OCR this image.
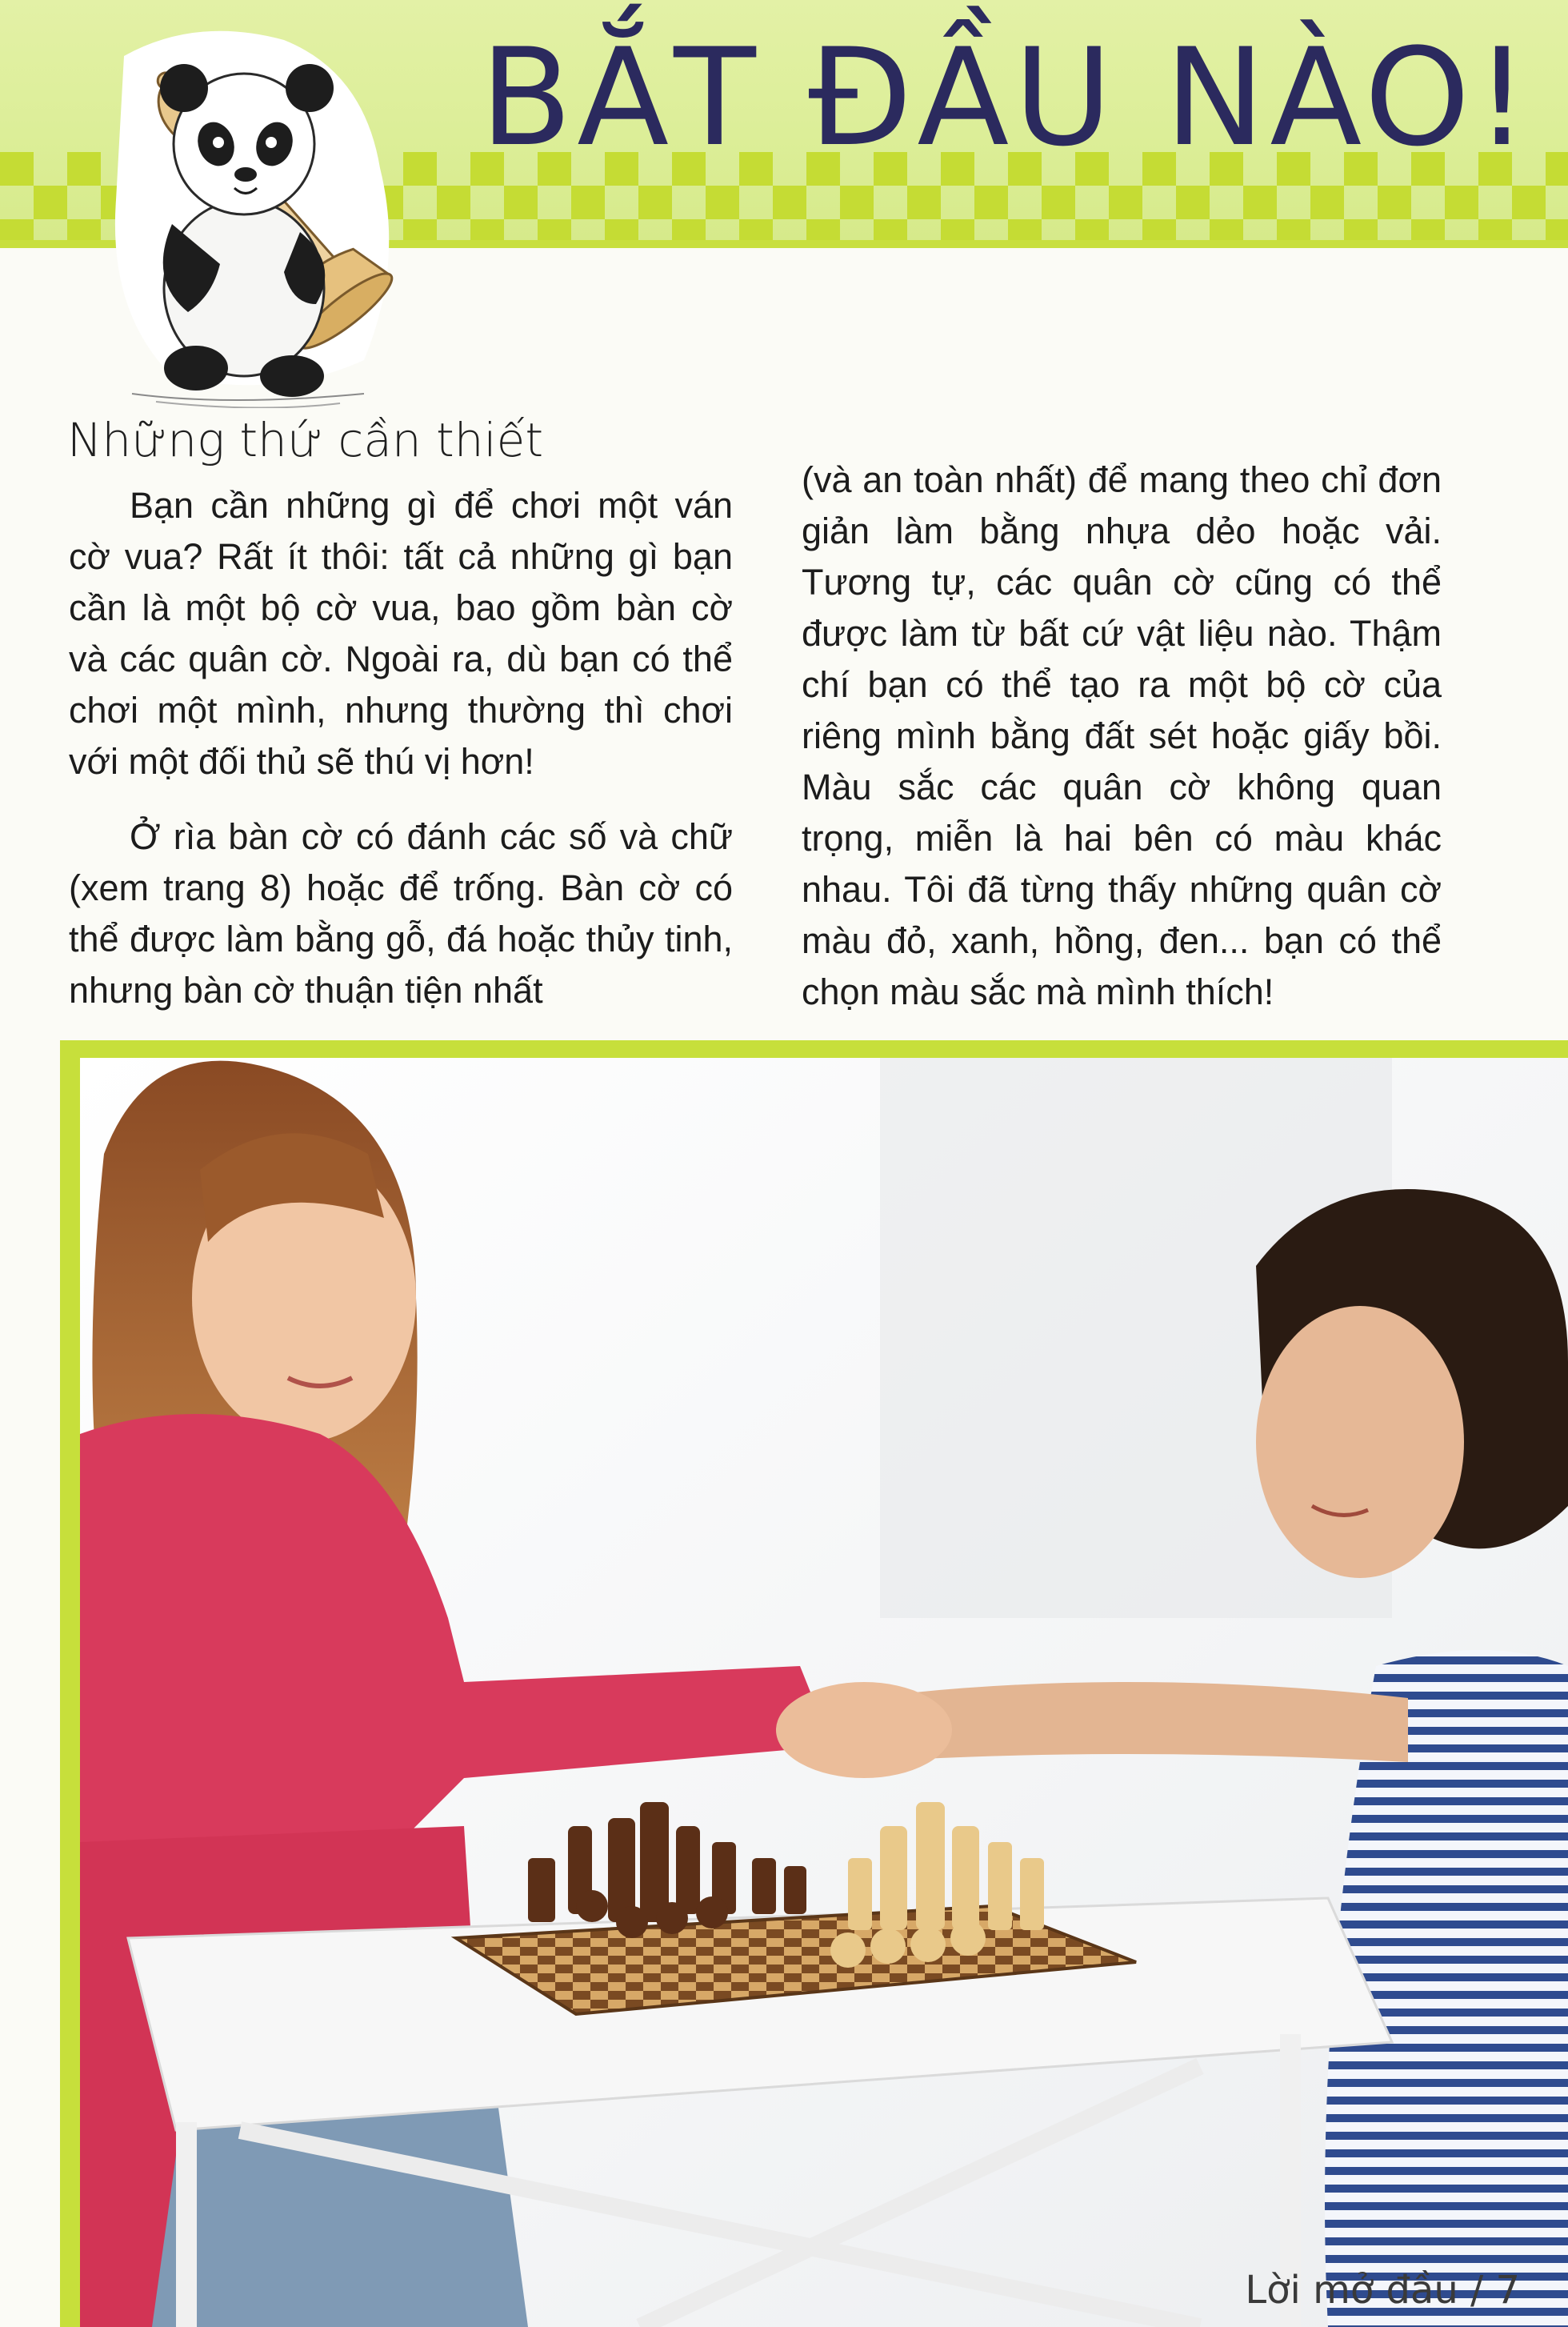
BẮT ĐẦU NÀO!
Những thứ cần thiết

Bạn cần những gì để chơi một ván cờ vua? Rất ít thôi: tất cả những gì bạn cần là một bộ cờ vua, bao gồm bàn cờ và các quân cờ. Ngoài ra, dù bạn có thể chơi một mình, nhưng thường thì chơi với một đối thủ sẽ thú vị hơn!

Ở rìa bàn cờ có đánh các số và chữ (xem trang 8) hoặc để trống. Bàn cờ có thể được làm bằng gỗ, đá hoặc thủy tinh, nhưng bàn cờ thuận tiện nhất

(và an toàn nhất) để mang theo chỉ đơn giản làm bằng nhựa dẻo hoặc vải. Tương tự, các quân cờ cũng có thể được làm từ bất cứ vật liệu nào. Thậm chí bạn có thể tạo ra một bộ cờ của riêng mình bằng đất sét hoặc giấy bồi. Màu sắc các quân cờ không quan trọng, miễn là hai bên có màu khác nhau. Tôi đã từng thấy những quân cờ màu đỏ, xanh, hồng, đen... bạn có thể chọn màu sắc mà mình thích!

Lời mở đầu / 7
